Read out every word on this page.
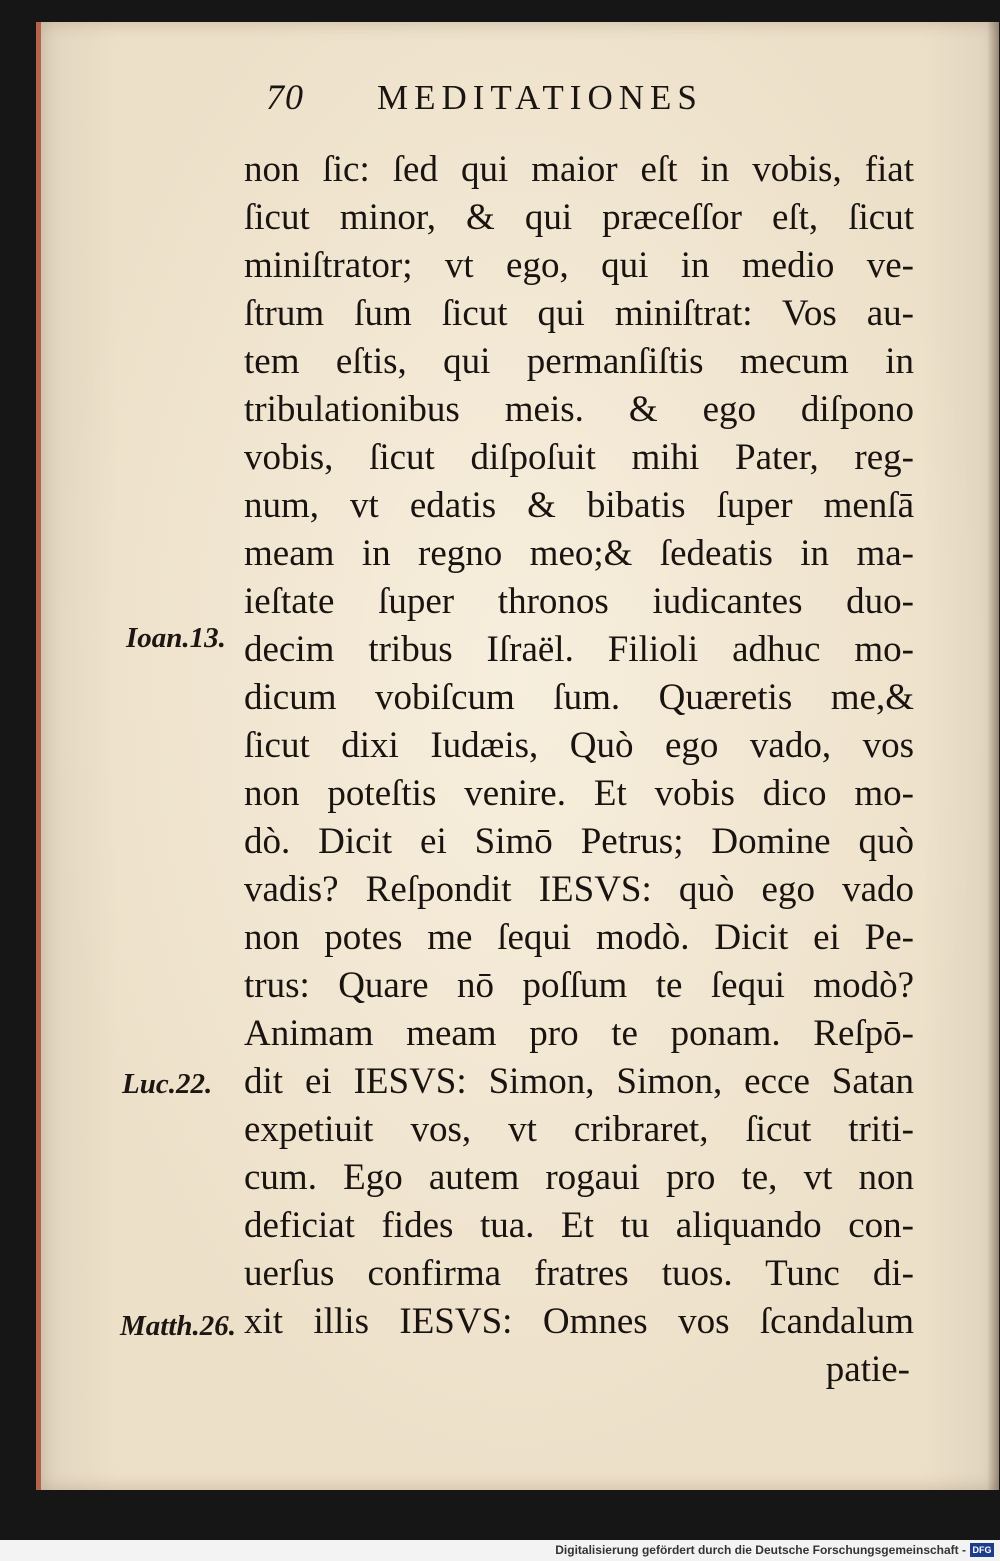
70 MEDITATIONES
non ſic: ſed qui maior eſt in vobis, fiat
ſicut minor, & qui præceſſor eſt, ſicut
miniſtrator; vt ego, qui in medio ve-
ſtrum ſum ſicut qui miniſtrat: Vos au-
tem eſtis, qui permanſiſtis mecum in
tribulationibus meis. & ego diſpono
vobis, ſicut diſpoſuit mihi Pater, reg-
num, vt edatis & bibatis ſuper menſā
meam in regno meo;& ſedeatis in ma-
ieſtate ſuper thronos iudicantes duo-
decim tribus Iſraël. Filioli adhuc mo-
dicum vobiſcum ſum. Quæretis me,&
ſicut dixi Iudæis, Quò ego vado, vos
non poteſtis venire. Et vobis dico mo-
dò. Dicit ei Simō Petrus; Domine quò
vadis? Reſpondit IESVS: quò ego vado
non potes me ſequi modò. Dicit ei Pe-
trus: Quare nō poſſum te ſequi modò?
Animam meam pro te ponam. Reſpō-
dit ei IESVS: Simon, Simon, ecce Satan
expetiuit vos, vt cribraret, ſicut triti-
cum. Ego autem rogaui pro te, vt non
deficiat fides tua. Et tu aliquando con-
uerſus confirma fratres tuos. Tunc di-
xit illis IESVS: Omnes vos ſcandalum
patie-
Ioan.13.
Luc.22.
Matth.26.
Digitalisierung gefördert durch die Deutsche Forschungsgemeinschaft - DFG
